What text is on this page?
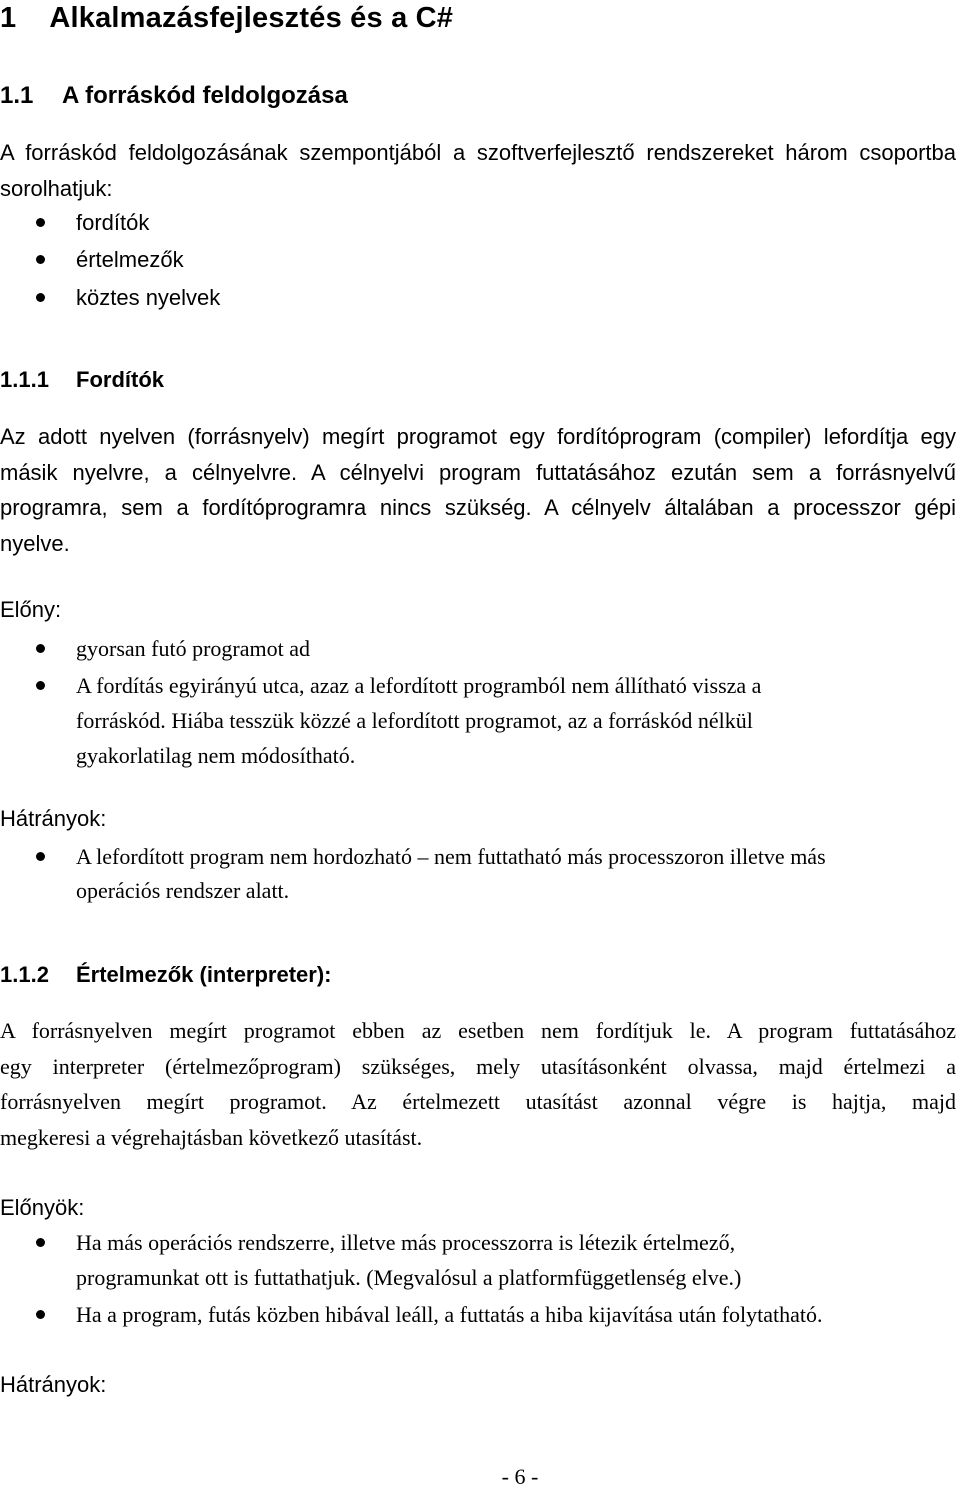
1 Alkalmazásfejlesztés és a C#
1.1 A forráskód feldolgozása
A forráskód feldolgozásának szempontjából a szoftverfejlesztő rendszereket három csoportba
sorolhatjuk:
fordítók
értelmezők
köztes nyelvek
1.1.1 Fordítók
Az adott nyelven (forrásnyelv) megírt programot egy fordítóprogram (compiler) lefordítja egy
másik nyelvre, a célnyelvre. A célnyelvi program futtatásához ezután sem a forrásnyelvű
programra, sem a fordítóprogramra nincs szükség. A célnyelv általában a processzor gépi
nyelve.
Előny:
gyorsan futó programot ad
A fordítás egyirányú utca, azaz a lefordított programból nem állítható vissza a
forráskód. Hiába tesszük közzé a lefordított programot, az a forráskód nélkül
gyakorlatilag nem módosítható.
Hátrányok:
A lefordított program nem hordozható – nem futtatható más processzoron illetve más
operációs rendszer alatt.
1.1.2 Értelmezők (interpreter):
A forrásnyelven megírt programot ebben az esetben nem fordítjuk le. A program futtatásához
egy interpreter (értelmezőprogram) szükséges, mely utasításonként olvassa, majd értelmezi a
forrásnyelven megírt programot. Az értelmezett utasítást azonnal végre is hajtja, majd
megkeresi a végrehajtásban következő utasítást.
Előnyök:
Ha más operációs rendszerre, illetve más processzorra is létezik értelmező,
programunkat ott is futtathatjuk. (Megvalósul a platformfüggetlenség elve.)
Ha a program, futás közben hibával leáll, a futtatás a hiba kijavítása után folytatható.
Hátrányok:
- 6 -
